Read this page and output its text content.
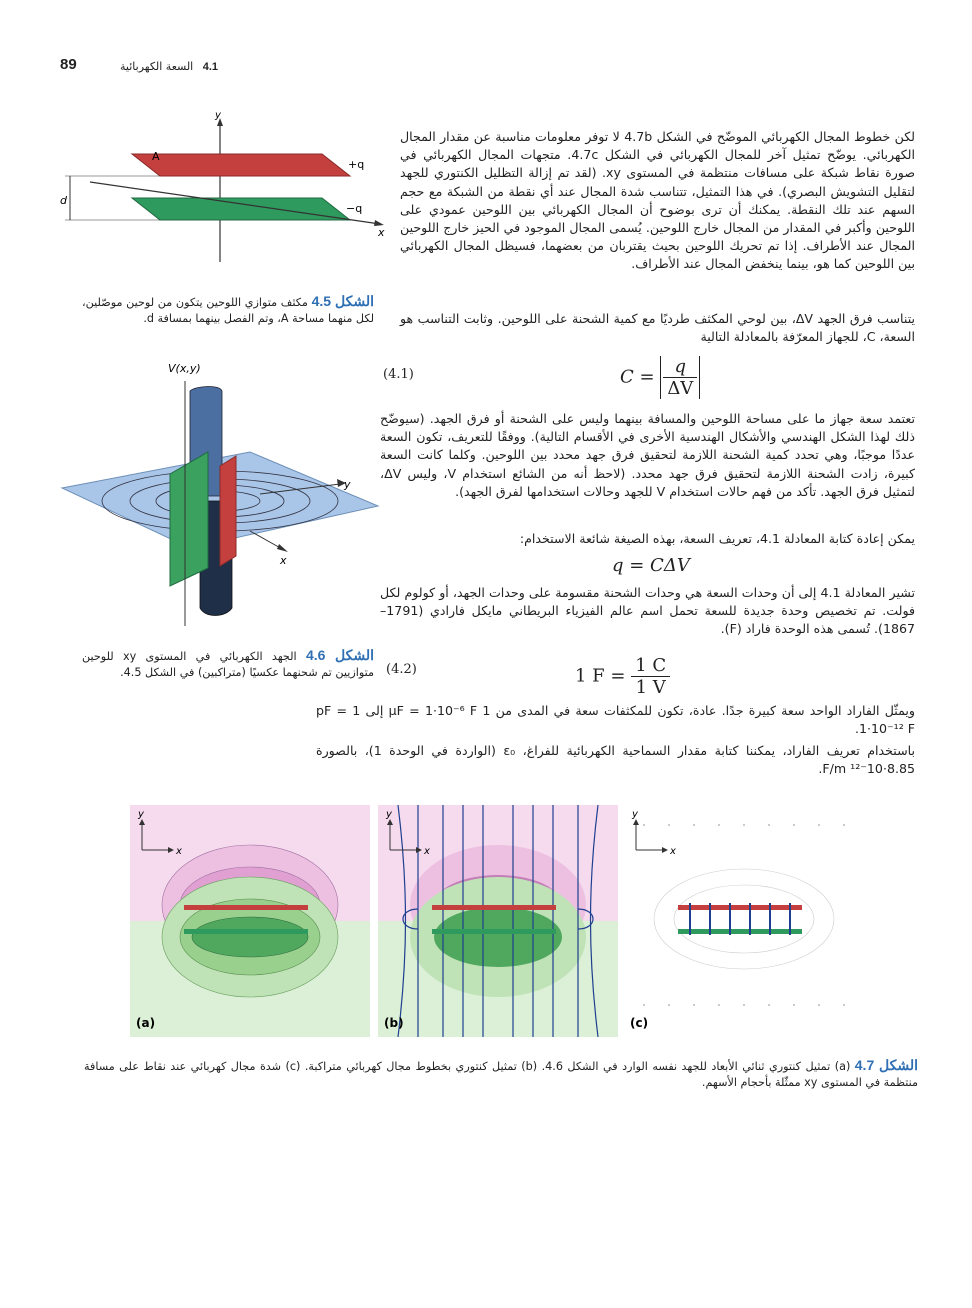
89	4.1 السعة الكهربائية
y
x
A
+q
−q
d
الشكل 4.5 مكثف متوازي اللوحين يتكون من لوحين موصّلين، لكل منهما مساحة A، وتم الفصل بينهما بمسافة d.
V(x,y)
x
y
الشكل 4.6 الجهد الكهربائي في المستوى xy للوحين متوازيين تم شحنهما عكسيًا (متراكبين) في الشكل 4.5.
لكن خطوط المجال الكهربائي الموضّح في الشكل 4.7b لا توفر معلومات مناسبة عن مقدار المجال الكهربائي. يوضّح تمثيل آخر للمجال الكهربائي في الشكل 4.7c. متجهات المجال الكهربائي في صورة نقاط شبكة على مسافات منتظمة في المستوى xy. (لقد تم إزالة التظليل الكنتوري للجهد لتقليل التشويش البصري). في هذا التمثيل، تتناسب شدة المجال عند أي نقطة من الشبكة مع حجم السهم عند تلك النقطة. يمكنك أن ترى بوضوح أن المجال الكهربائي بين اللوحين عمودي على اللوحين وأكبر في المقدار من المجال خارج اللوحين. يُسمى المجال الموجود في الحيز خارج اللوحين المجال عند الأطراف. إذا تم تحريك اللوحين بحيث يقتربان من بعضهما، فسيظل المجال الكهربائي بين اللوحين كما هو، بينما ينخفض المجال عند الأطراف.
يتناسب فرق الجهد ΔV، بين لوحي المكثف طرديًا مع كمية الشحنة على اللوحين. وثابت التناسب هو السعة، C، للجهاز المعرّفة بالمعادلة التالية
(4.1)	$C = \frac{q}{\Delta V}$
تعتمد سعة جهاز ما على مساحة اللوحين والمسافة بينهما وليس على الشحنة أو فرق الجهد. (سيوضّح ذلك لهذا الشكل الهندسي والأشكال الهندسية الأخرى في الأقسام التالية). ووفقًا للتعريف، تكون السعة عددًا موجبًا، وهي تحدد كمية الشحنة اللازمة لتحقيق فرق جهد محدد بين اللوحين. وكلما كانت السعة كبيرة، زادت الشحنة اللازمة لتحقيق فرق جهد محدد. (لاحظ أنه من الشائع استخدام V، وليس ΔV، لتمثيل فرق الجهد. تأكد من فهم حالات استخدام V للجهد وحالات استخدامها لفرق الجهد).
يمكن إعادة كتابة المعادلة 4.1، تعريف السعة، بهذه الصيغة شائعة الاستخدام:
q = CΔV
تشير المعادلة 4.1 إلى أن وحدات السعة هي وحدات الشحنة مقسومة على وحدات الجهد، أو كولوم لكل فولت. تم تخصيص وحدة جديدة للسعة تحمل اسم عالم الفيزياء البريطاني مايكل فارادي (1791–1867). تُسمى هذه الوحدة فاراد (F).
(4.2)	1 $F = \frac{1 C}{1 V}$
ويمثّل الفاراد الواحد سعة كبيرة جدًا. عادة، تكون للمكثفات سعة في المدى من 1 μF = 1·10⁻⁶ F إلى 1 pF = 1·10⁻¹² F.
باستخدام تعريف الفاراد، يمكننا كتابة مقدار السماحية الكهربائية للفراغ، ε₀ (الواردة في الوحدة 1)، بالصورة 8.85·10⁻¹² F/m.
x
y
(a)
x
y
(b)
x
y
(c)
الشكل 4.7 (a) تمثيل كنتوري ثنائي الأبعاد للجهد نفسه الوارد في الشكل 4.6. (b) تمثيل كنتوري بخطوط مجال كهربائي متراكبة. (c) شدة مجال كهربائي عند نقاط على مسافة منتظمة في المستوى xy ممثّلة بأحجام الأسهم.
